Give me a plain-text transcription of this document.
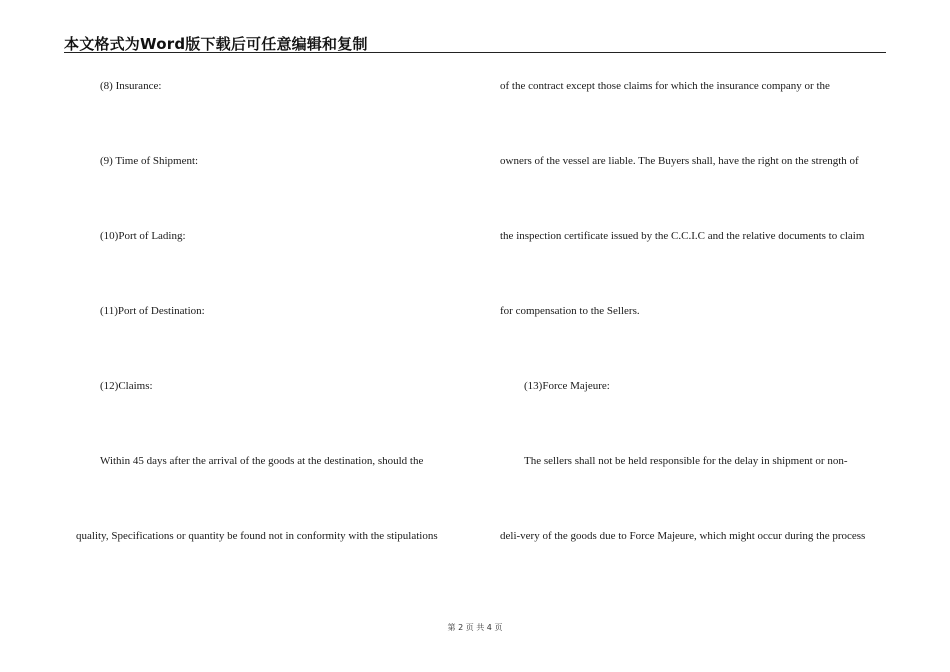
本文格式为Word版下载后可任意编辑和复制
(8) Insurance:
(9) Time of Shipment:
(10)Port of Lading:
(11)Port of Destination:
(12)Claims:
Within 45 days after the arrival of the goods at the destination, should the
quality, Specifications or quantity be found not in conformity with the stipulations
of the contract except those claims for which the insurance company or the
owners of the vessel are liable. The Buyers shall, have the right on the strength of
the inspection certificate issued by the C.C.I.C and the relative documents to claim
for compensation to the Sellers.
(13)Force Majeure:
The sellers shall not be held responsible for the delay in shipment or non-
deli-very of the goods due to Force Majeure, which might occur during the process
第 2 页 共 4 页
